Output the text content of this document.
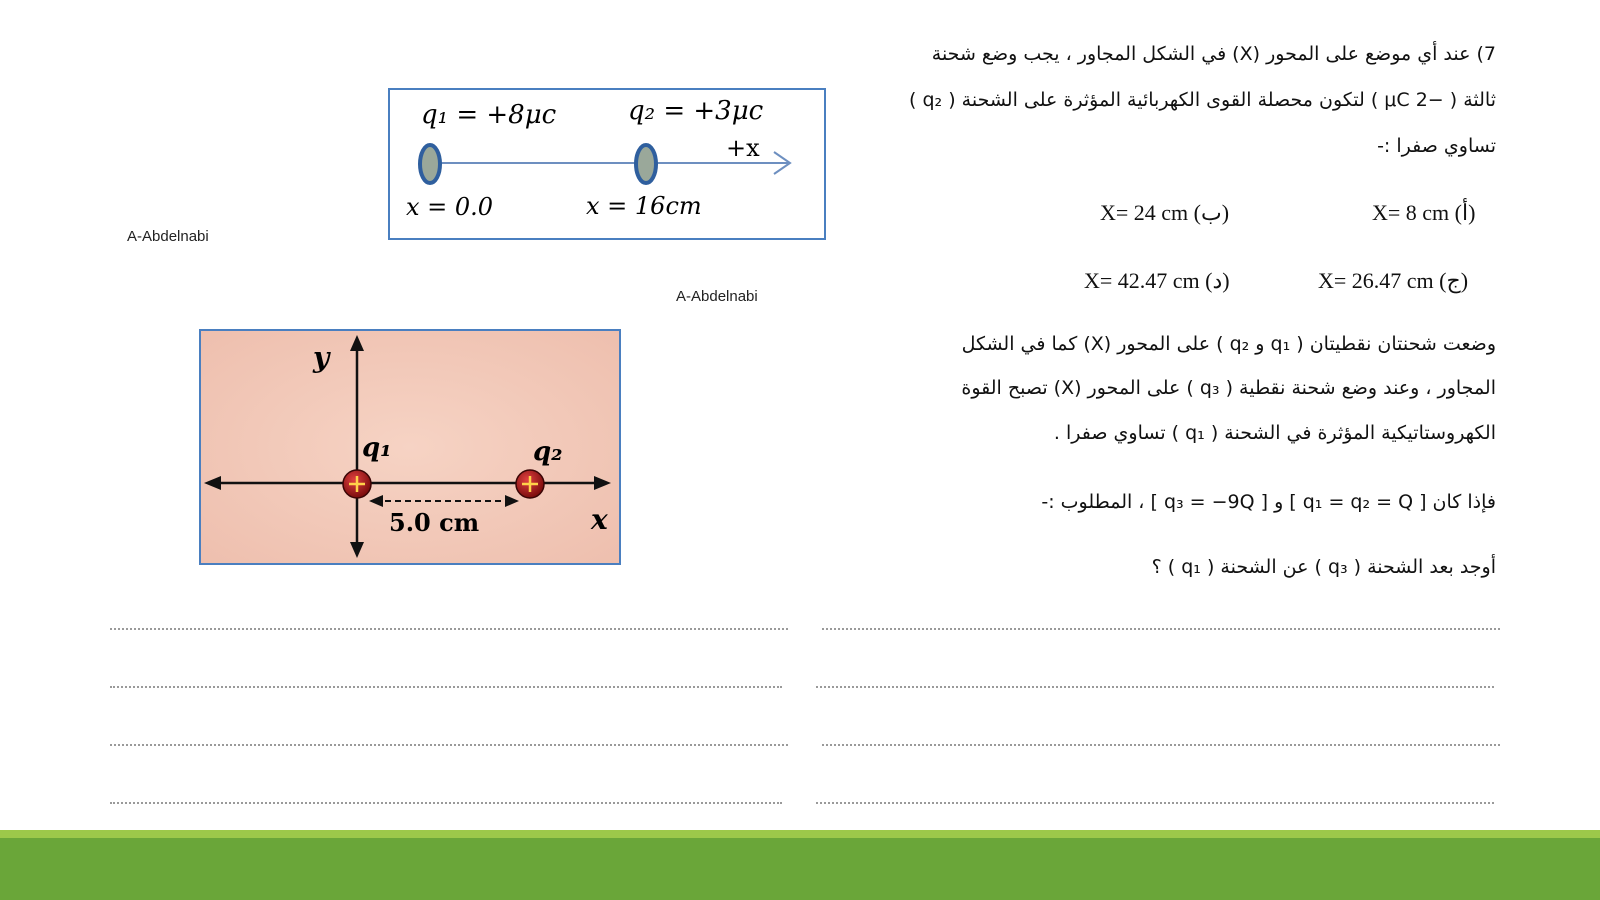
7) عند أي موضع على المحور (X) في الشكل المجاور ، يجب وضع شحنة
ثالثة ( −2 μC ) لتكون محصلة القوى الكهربائية المؤثرة على الشحنة ( q₂ )
تساوي صفرا :-
X= 8 cm (أ)
X= 24 cm (ب)
X= 26.47 cm (ج)
X= 42.47 cm (د)
q₁ = +8μc	q₂ = +3μc
+x
x = 0.0	x = 16cm
A-Abdelnabi
A-Abdelnabi
y
x
q₁	q₂
5.0 cm
وضعت شحنتان نقطيتان ( q₁ و q₂ ) على المحور (X) كما في الشكل
المجاور ، وعند وضع شحنة نقطية ( q₃ ) على المحور (X) تصبح القوة
الكهروستاتيكية المؤثرة في الشحنة ( q₁ ) تساوي صفرا .
فإذا كان [ q₁ = q₂ = Q ] و [ q₃ = −9Q ] ، المطلوب :-
أوجد بعد الشحنة ( q₃ ) عن الشحنة ( q₁ ) ؟
